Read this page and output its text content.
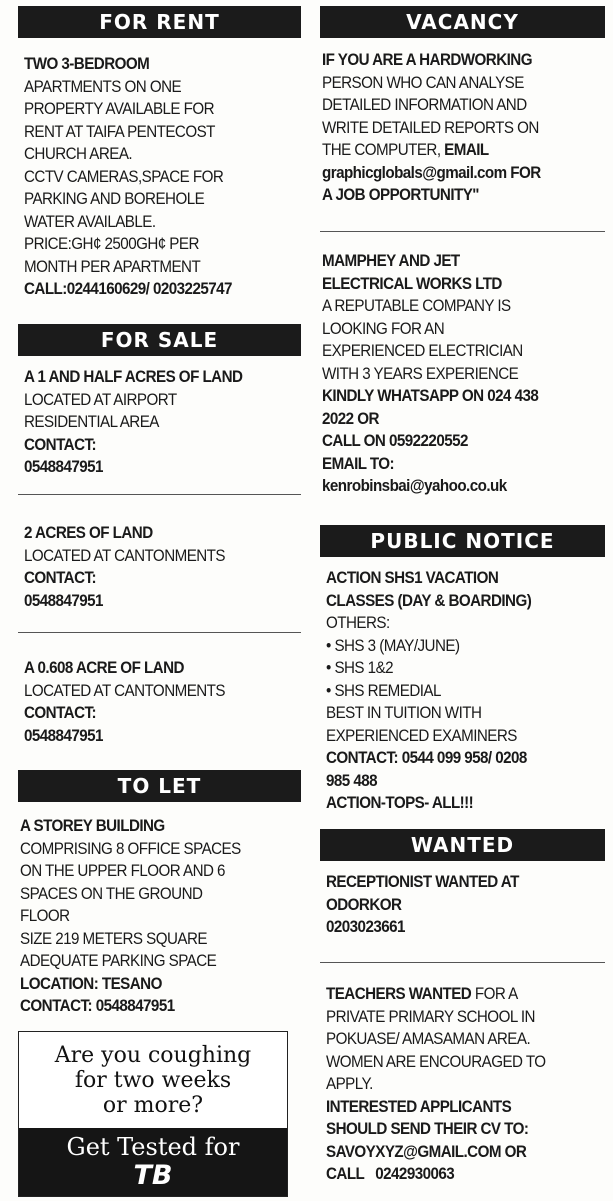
FOR RENT

TWO 3-BEDROOM

APARTMENTS ON ONE

PROPERTY AVAILABLE FOR

RENT AT TAIFA PENTECOST

CHURCH AREA.

CCTV CAMERAS,SPACE FOR

PARKING AND BOREHOLE

WATER AVAILABLE.

PRICE:GH¢ 2500GH¢ PER

MONTH PER APARTMENT

CALL:0244160629/ 0203225747

FOR SALE

A 1 AND HALF ACRES OF LAND

LOCATED AT AIRPORT

RESIDENTIAL AREA

CONTACT:

0548847951

2 ACRES OF LAND

LOCATED AT CANTONMENTS

CONTACT:

0548847951

A 0.608 ACRE OF LAND

LOCATED AT CANTONMENTS

CONTACT:

0548847951

TO LET

A STOREY BUILDING

COMPRISING 8 OFFICE SPACES

ON THE UPPER FLOOR AND 6

SPACES ON THE GROUND

FLOOR

SIZE 219 METERS SQUARE

ADEQUATE PARKING SPACE

LOCATION: TESANO

CONTACT: 0548847951

Are you coughing
for two weeks
or more?
Get Tested for
TB
VACANCY

IF YOU ARE A HARDWORKING

PERSON WHO CAN ANALYSE

DETAILED INFORMATION AND

WRITE DETAILED REPORTS ON

THE COMPUTER, EMAIL

graphicglobals@gmail.com FOR

A JOB OPPORTUNITY"

MAMPHEY AND JET

ELECTRICAL WORKS LTD

A REPUTABLE COMPANY IS

LOOKING FOR AN

EXPERIENCED ELECTRICIAN

WITH 3 YEARS EXPERIENCE

KINDLY WHATSAPP ON 024 438

2022 OR

CALL ON 0592220552

EMAIL TO:

kenrobinsbai@yahoo.co.uk

PUBLIC NOTICE

ACTION SHS1 VACATION

CLASSES (DAY & BOARDING)

OTHERS:

• SHS 3 (MAY/JUNE)

• SHS 1&2

• SHS REMEDIAL

BEST IN TUITION WITH

EXPERIENCED EXAMINERS

CONTACT: 0544 099 958/ 0208

985 488

ACTION-TOPS- ALL!!!

WANTED

RECEPTIONIST WANTED AT

ODORKOR

0203023661

TEACHERS WANTED FOR A

PRIVATE PRIMARY SCHOOL IN

POKUASE/ AMASAMAN AREA.

WOMEN ARE ENCOURAGED TO

APPLY.

INTERESTED APPLICANTS

SHOULD SEND THEIR CV TO:

SAVOYXYZ@GMAIL.COM OR

CALL 0242930063
